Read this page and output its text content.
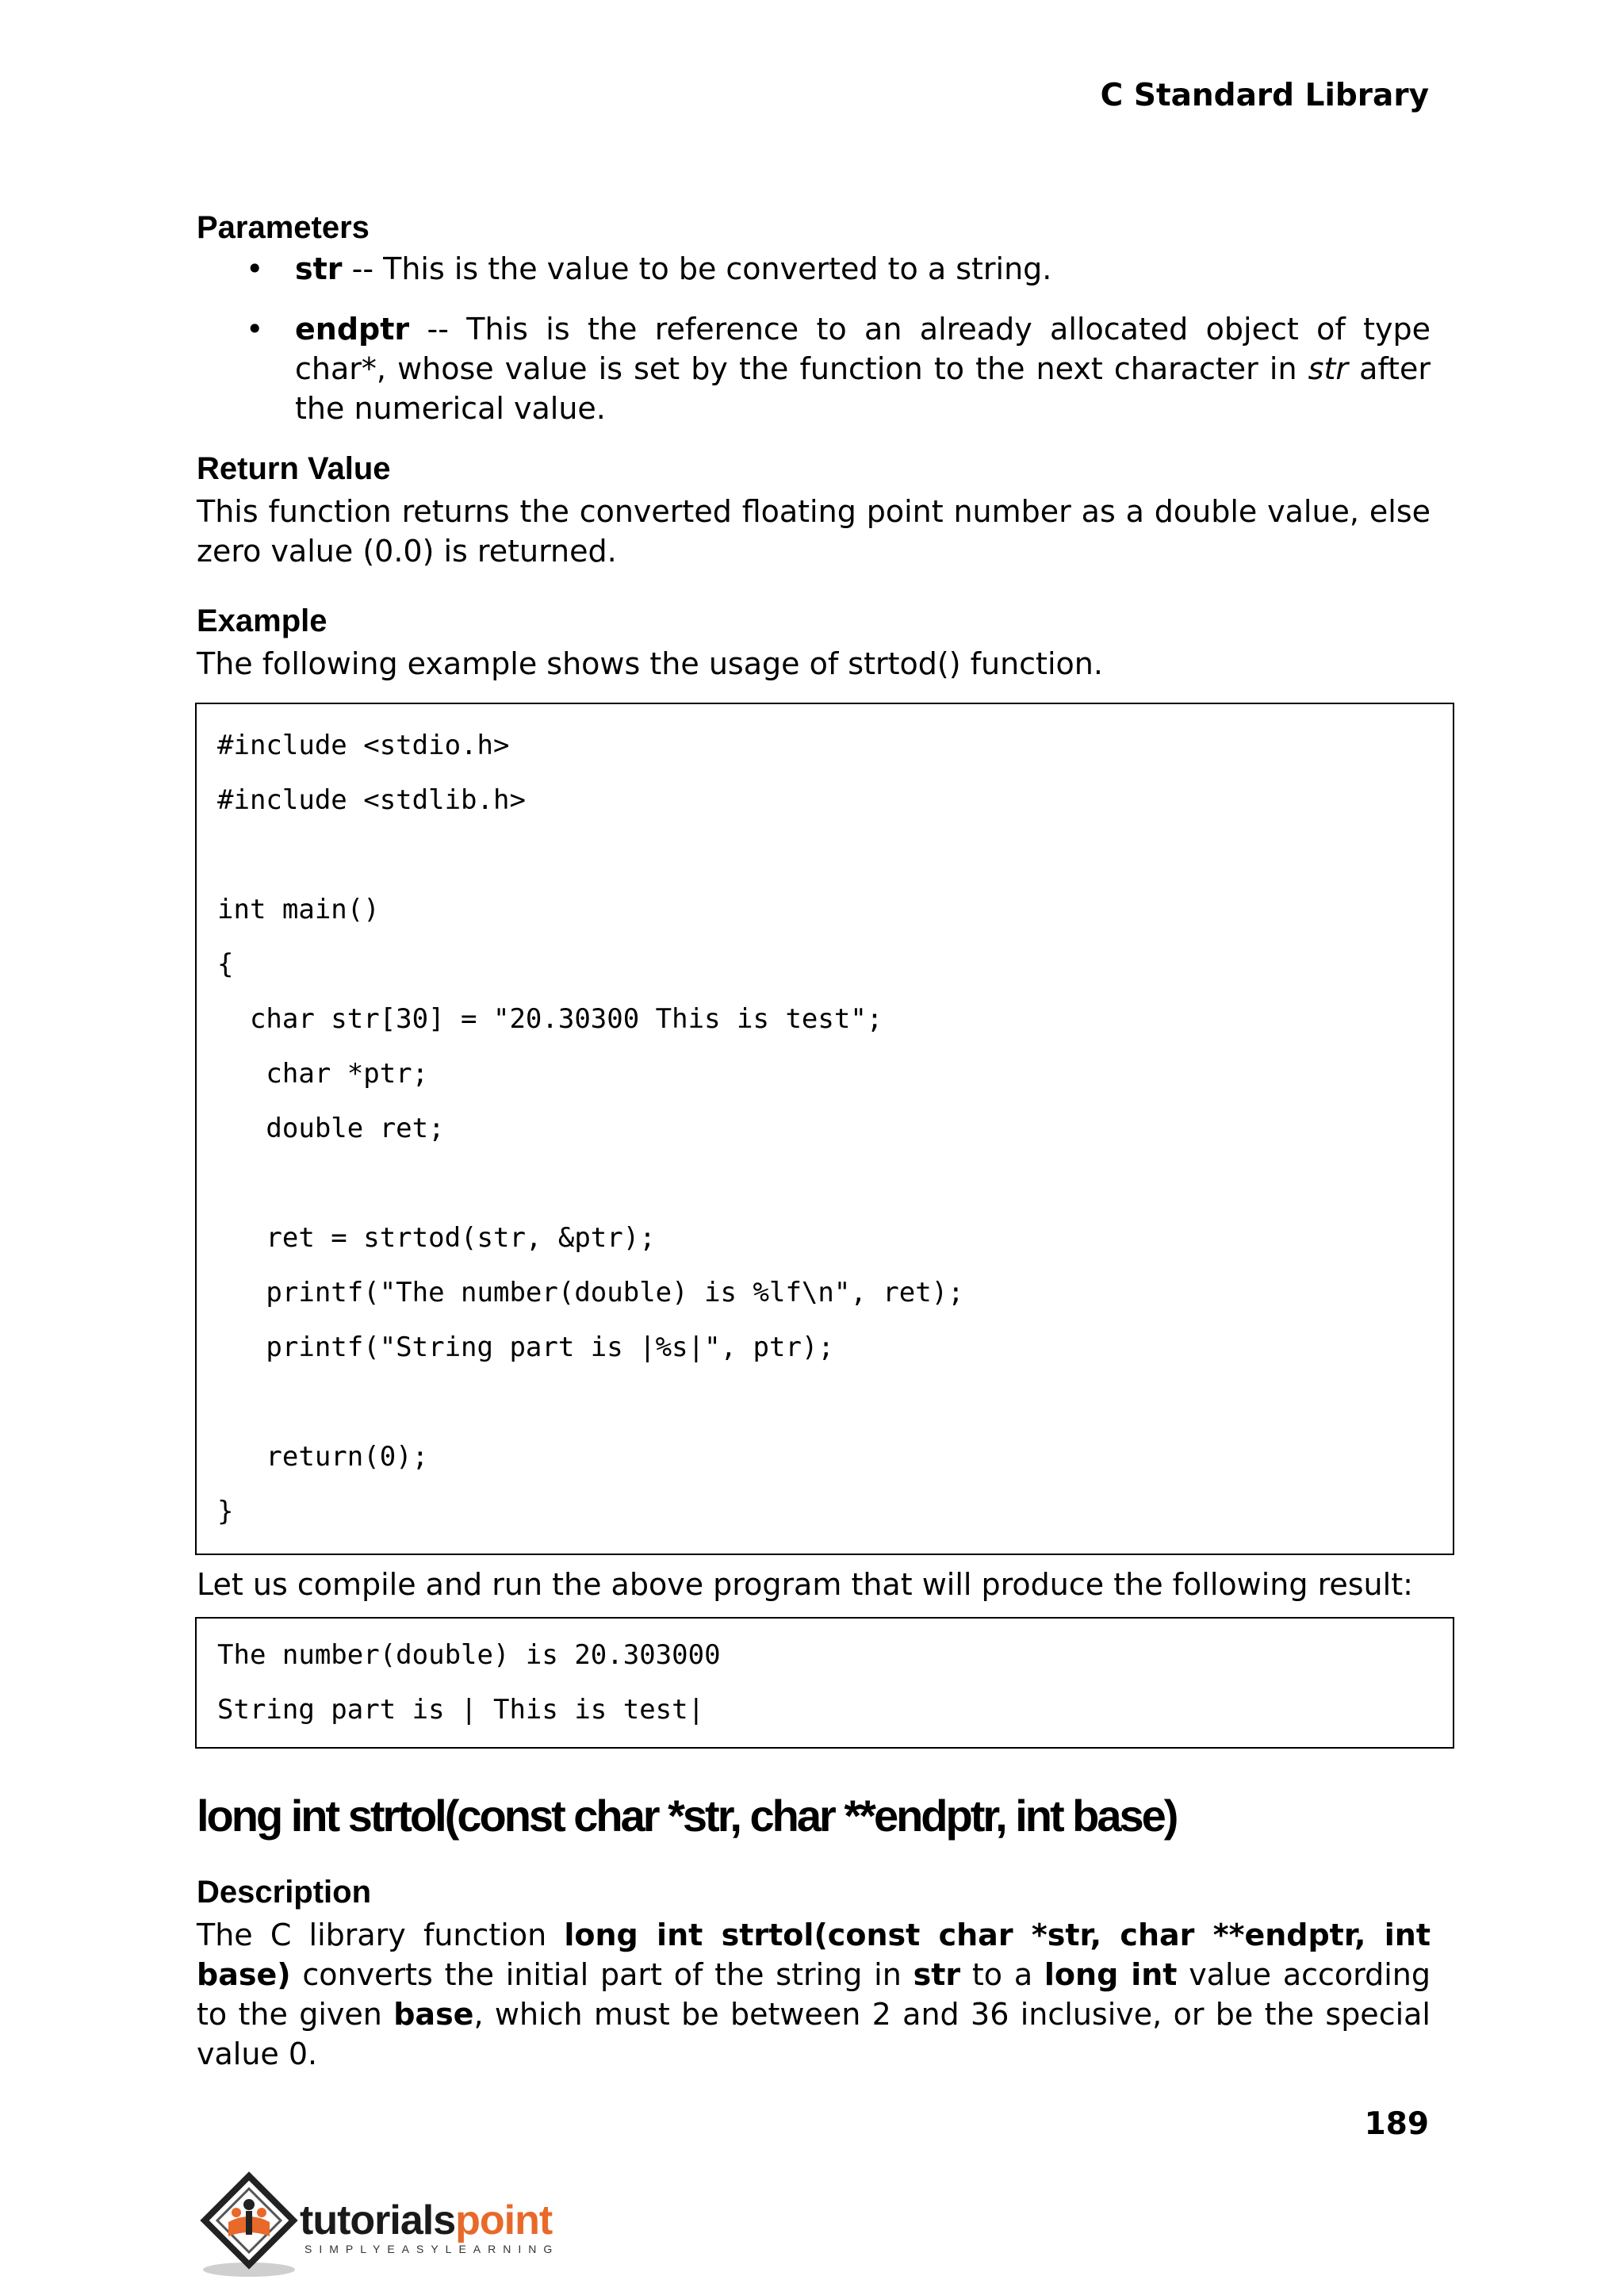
C Standard Library
Parameters
• str -- This is the value to be converted to a string.
• endptr -- This is the reference to an already allocated object of type char*, whose value is set by the function to the next character in str after the numerical value.
Return Value

This function returns the converted floating point number as a double value, else zero value (0.0) is returned.

Example

The following example shows the usage of strtod() function.

#include <stdio.h>
#include <stdlib.h>
int main()
{
char str[30] = "20.30300 This is test";
char *ptr;
double ret;
ret = strtod(str, &ptr);
printf("The number(double) is %lf\n", ret);
printf("String part is |%s|", ptr);
return(0);
}

Let us compile and run the above program that will produce the following result:

The number(double) is 20.303000
String part is | This is test|
long int strtol(const char *str, char **endptr, int base)
Description

The C library function long int strtol(const char *str, char **endptr, int base) converts the initial part of the string in str to a long int value according to the given base, which must be between 2 and 36 inclusive, or be the special value 0.

189
tutorialspoint
SIMPLYEASYLEARNING
